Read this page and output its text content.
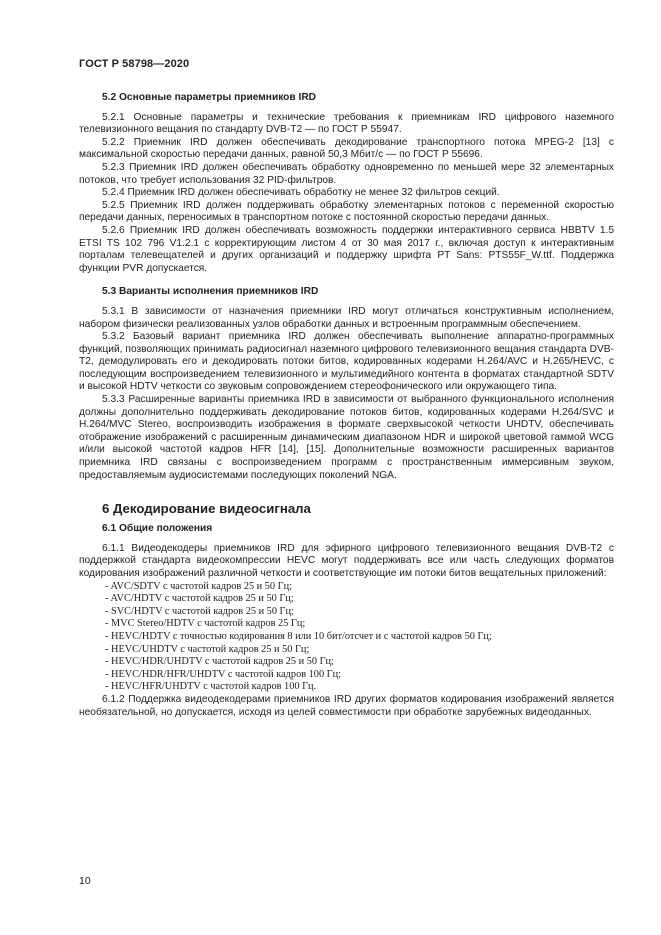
ГОСТ Р 58798—2020
5.2 Основные параметры приемников IRD

5.2.1 Основные параметры и технические требования к приемникам IRD цифрового наземного телевизионного вещания по стандарту DVB-T2 — по ГОСТ Р 55947.

5.2.2 Приемник IRD должен обеспечивать декодирование транспортного потока MPEG-2 [13] с максимальной скоростью передачи данных, равной 50,3 Мбит/с — по ГОСТ Р 55696.

5.2.3 Приемник IRD должен обеспечивать обработку одновременно по меньшей мере 32 элементарных потоков, что требует использования 32 PID-фильтров.

5.2.4 Приемник IRD должен обеспечивать обработку не менее 32 фильтров секций.

5.2.5 Приемник IRD должен поддерживать обработку элементарных потоков с переменной скоростью передачи данных, переносимых в транспортном потоке с постоянной скоростью передачи данных.

5.2.6 Приемник IRD должен обеспечивать возможность поддержки интерактивного сервиса HBBTV 1.5 ETSI TS 102 796 V1.2.1 с корректирующим листом 4 от 30 мая 2017 г., включая доступ к интерактивным порталам телевещателей и других организаций и поддержку шрифта PT Sans: PTS55F_W.ttf. Поддержка функции PVR допускается.

5.3 Варианты исполнения приемников IRD

5.3.1 В зависимости от назначения приемники IRD могут отличаться конструктивным исполнением, набором физически реализованных узлов обработки данных и встроенным программным обеспечением.

5.3.2 Базовый вариант приемника IRD должен обеспечивать выполнение аппаратно-программных функций, позволяющих принимать радиосигнал наземного цифрового телевизионного вещания стандарта DVB-T2, демодулировать его и декодировать потоки битов, кодированных кодерами H.264/AVC и H.265/HEVC, с последующим воспроизведением телевизионного и мультимедийного контента в форматах стандартной SDTV и высокой HDTV четкости со звуковым сопровождением стереофонического или окружающего типа.

5.3.3 Расширенные варианты приемника IRD в зависимости от выбранного функционального исполнения должны дополнительно поддерживать декодирование потоков битов, кодированных кодерами H.264/SVC и H.264/MVC Stereo, воспроизводить изображения в формате сверхвысокой четкости UHDTV, обеспечивать отображение изображений с расширенным динамическим диапазоном HDR и широкой цветовой гаммой WCG и/или высокой частотой кадров HFR [14], [15]. Дополнительные возможности расширенных вариантов приемника IRD связаны с воспроизведением программ с пространственным иммерсивным звуком, предоставляемым аудиосистемами последующих поколений NGA.

6 Декодирование видеосигнала
6.1 Общие положения

6.1.1 Видеодекодеры приемников IRD для эфирного цифрового телевизионного вещания DVB-T2 с поддержкой стандарта видеокомпрессии HEVC могут поддерживать все или часть следующих форматов кодирования изображений различной четкости и соответствующие им потоки битов вещательных приложений:

- AVC/SDTV с частотой кадров 25 и 50 Гц;
- AVC/HDTV с частотой кадров 25 и 50 Гц;
- SVC/HDTV с частотой кадров 25 и 50 Гц;
- MVC Stereo/HDTV с частотой кадров 25 Гц;
- HEVC/HDTV с точностью кодирования 8 или 10 бит/отсчет и с частотой кадров 50 Гц;
- HEVC/UHDTV с частотой кадров 25 и 50 Гц;
- HEVC/HDR/UHDTV с частотой кадров 25 и 50 Гц;
- HEVC/HDR/HFR/UHDTV с частотой кадров 100 Гц;
- HEVC/HFR/UHDTV с частотой кадров 100 Гц.

6.1.2 Поддержка видеодекодерами приемников IRD других форматов кодирования изображений является необязательной, но допускается, исходя из целей совместимости при обработке зарубежных видеоданных.

10
